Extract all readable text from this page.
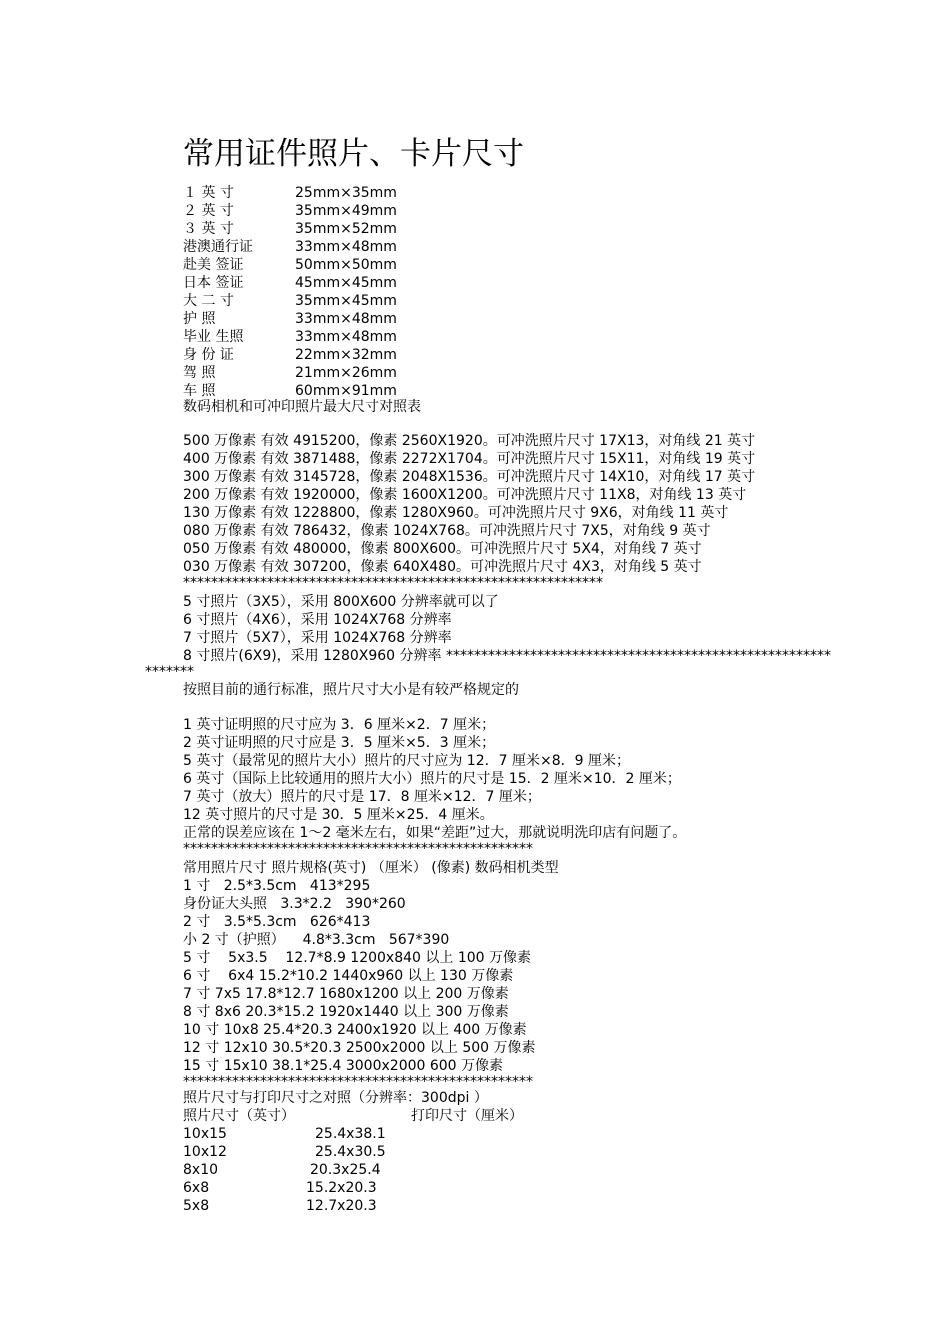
常用证件照片、卡片尺寸
１ 英 寸	25mm×35mm
２ 英 寸	35mm×49mm
３ 英 寸	35mm×52mm
港澳通行证	33mm×48mm
赴美 签证	50mm×50mm
日本 签证	45mm×45mm
大 二 寸	35mm×45mm
护 照	33mm×48mm
毕业 生照	33mm×48mm
身 份 证	22mm×32mm
驾 照	21mm×26mm
车 照	60mm×91mm
数码相机和可冲印照片最大尺寸对照表
500 万像素 有效 4915200，像素 2560X1920。可冲洗照片尺寸 17X13，对角线 21 英寸
400 万像素 有效 3871488，像素 2272X1704。可冲洗照片尺寸 15X11，对角线 19 英寸
300 万像素 有效 3145728，像素 2048X1536。可冲洗照片尺寸 14X10，对角线 17 英寸
200 万像素 有效 1920000，像素 1600X1200。可冲洗照片尺寸 11X8，对角线 13 英寸
130 万像素 有效 1228800，像素 1280X960。可冲洗照片尺寸 9X6，对角线 11 英寸
080 万像素 有效 786432，像素 1024X768。可冲洗照片尺寸 7X5，对角线 9 英寸
050 万像素 有效 480000，像素 800X600。可冲洗照片尺寸 5X4，对角线 7 英寸
030 万像素 有效 307200，像素 640X480。可冲洗照片尺寸 4X3，对角线 5 英寸
************************************************************
5 寸照片（3X5），采用 800X600 分辨率就可以了
6 寸照片（4X6），采用 1024X768 分辨率
7 寸照片（5X7），采用 1024X768 分辨率
8 寸照片(6X9)，采用 1280X960 分辨率 *******************************************************
*******
按照目前的通行标准，照片尺寸大小是有较严格规定的
1 英寸证明照的尺寸应为 3．6 厘米×2．7 厘米；
2 英寸证明照的尺寸应是 3．5 厘米×5．3 厘米；
5 英寸（最常见的照片大小）照片的尺寸应为 12．7 厘米×8．9 厘米；
6 英寸（国际上比较通用的照片大小）照片的尺寸是 15．2 厘米×10．2 厘米；
7 英寸（放大）照片的尺寸是 17．8 厘米×12．7 厘米；
12 英寸照片的尺寸是 30．5 厘米×25．4 厘米。
正常的误差应该在 1～2 毫米左右，如果“差距”过大，那就说明洗印店有问题了。
**************************************************
常用照片尺寸 照片规格(英寸) （厘米） (像素) 数码相机类型
1 寸   2.5*3.5cm   413*295
身份证大头照   3.3*2.2   390*260
2 寸   3.5*5.3cm   626*413
小 2 寸（护照）    4.8*3.3cm   567*390
5 寸    5x3.5    12.7*8.9 1200x840 以上 100 万像素
6 寸    6x4 15.2*10.2 1440x960 以上 130 万像素
7 寸 7x5 17.8*12.7 1680x1200 以上 200 万像素
8 寸 8x6 20.3*15.2 1920x1440 以上 300 万像素
10 寸 10x8 25.4*20.3 2400x1920 以上 400 万像素
12 寸 12x10 30.5*20.3 2500x2000 以上 500 万像素
15 寸 15x10 38.1*25.4 3000x2000 600 万像素
**************************************************
照片尺寸与打印尺寸之对照（分辨率：300dpi ）
照片尺寸（英寸）	打印尺寸（厘米）
10x15	25.4x38.1
10x12	25.4x30.5
8x10	20.3x25.4
6x8	15.2x20.3
5x8	12.7x20.3
